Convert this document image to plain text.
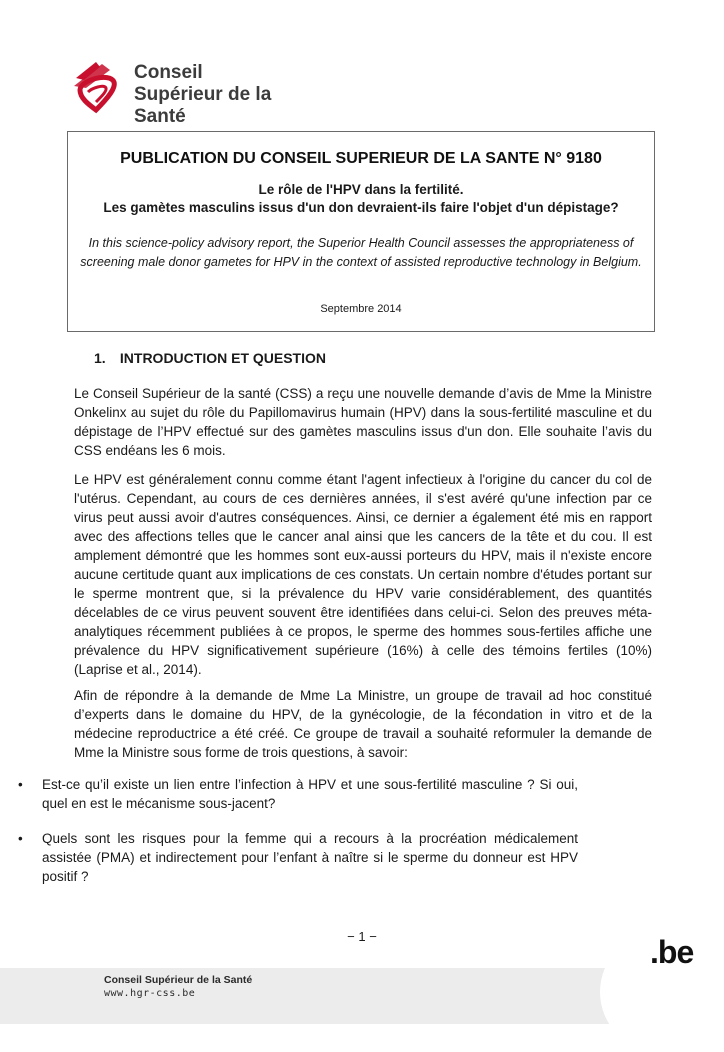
Conseil
Supérieur de la Santé
PUBLICATION DU CONSEIL SUPERIEUR DE LA SANTE N° 9180
Le rôle de l'HPV dans la fertilité.
Les gamètes masculins issus d'un don devraient-ils faire l'objet d'un dépistage?
In this science-policy advisory report, the Superior Health Council assesses the appropriateness of screening male donor gametes for HPV in the context of assisted reproductive technology in Belgium.
Septembre 2014
1. INTRODUCTION ET QUESTION

Le Conseil Supérieur de la santé (CSS) a reçu une nouvelle demande d’avis de Mme la Ministre Onkelinx au sujet du rôle du Papillomavirus humain (HPV) dans la sous-fertilité masculine et du dépistage de l’HPV effectué sur des gamètes masculins issus d'un don. Elle souhaite l’avis du CSS endéans les 6 mois.

Le HPV est généralement connu comme étant l'agent infectieux à l'origine du cancer du col de l'utérus. Cependant, au cours de ces dernières années, il s'est avéré qu'une infection par ce virus peut aussi avoir d'autres conséquences. Ainsi, ce dernier a également été mis en rapport avec des affections telles que le cancer anal ainsi que les cancers de la tête et du cou. Il est amplement démontré que les hommes sont eux-aussi porteurs du HPV, mais il n'existe encore aucune certitude quant aux implications de ces constats. Un certain nombre d'études portant sur le sperme montrent que, si la prévalence du HPV varie considérablement, des quantités décelables de ce virus peuvent souvent être identifiées dans celui-ci. Selon des preuves méta-analytiques récemment publiées à ce propos, le sperme des hommes sous-fertiles affiche une prévalence du HPV significativement supérieure (16%) à celle des témoins fertiles (10%) (Laprise et al., 2014).

Afin de répondre à la demande de Mme La Ministre, un groupe de travail ad hoc constitué d’experts dans le domaine du HPV, de la gynécologie, de la fécondation in vitro et de la médecine reproductrice a été créé. Ce groupe de travail a souhaité reformuler la demande de Mme la Ministre sous forme de trois questions, à savoir:

• Est-ce qu’il existe un lien entre l’infection à HPV et une sous-fertilité masculine ? Si oui, quel en est le mécanisme sous-jacent?
• Quels sont les risques pour la femme qui a recours à la procréation médicalement assistée (PMA) et indirectement pour l’enfant à naître si le sperme du donneur est HPV positif ?
− 1 −
Conseil Supérieur de la Santé
www.hgr-css.be
.be
